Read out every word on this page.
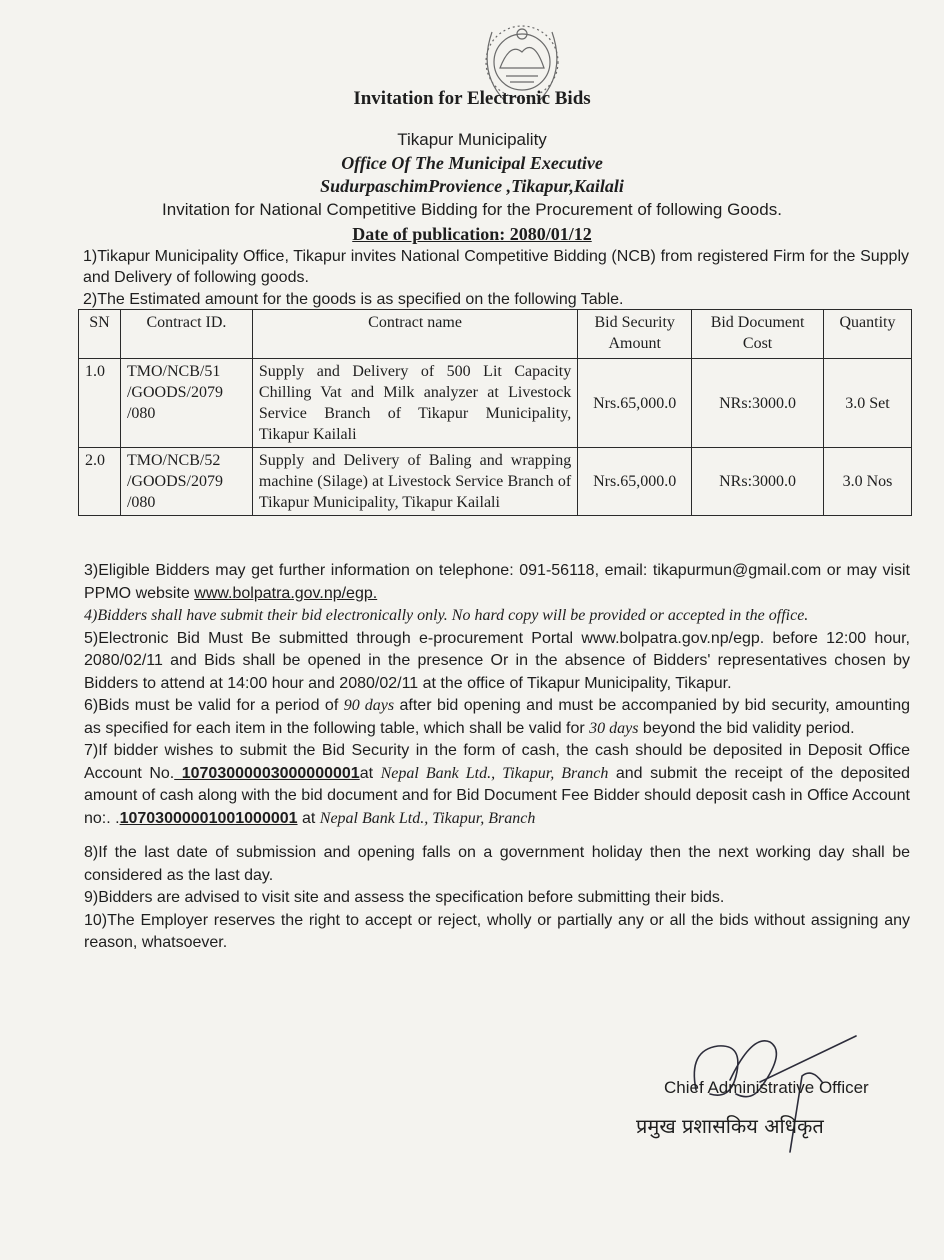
Invitation for Electronic Bids
Tikapur Municipality
Office Of The Municipal Executive
SudurpaschimProvience ,Tikapur,Kailali
Invitation for National Competitive Bidding for the Procurement of following Goods.
Date of publication: 2080/01/12
1)Tikapur Municipality Office, Tikapur invites National Competitive Bidding (NCB) from registered Firm for the Supply and Delivery of following goods.
2)The Estimated amount for the goods is as specified on the following Table.
SN	Contract ID.	Contract name	Bid Security Amount	Bid Document Cost	Quantity
1.0	TMO/NCB/51 /GOODS/2079 /080	Supply and Delivery of 500 Lit Capacity Chilling Vat and Milk analyzer at Livestock Service Branch of Tikapur Municipality, Tikapur Kailali	Nrs.65,000.0	NRs:3000.0	3.0 Set
2.0	TMO/NCB/52 /GOODS/2079 /080	Supply and Delivery of Baling and wrapping machine (Silage) at Livestock Service Branch of Tikapur Municipality, Tikapur Kailali	Nrs.65,000.0	NRs:3000.0	3.0 Nos

3)Eligible Bidders may get further information on telephone: 091-56118, email: tikapurmun@gmail.com or may visit PPMO website www.bolpatra.gov.np/egp.

4)Bidders shall have submit their bid electronically only. No hard copy will be provided or accepted in the office.

5)Electronic Bid Must Be submitted through e-procurement Portal www.bolpatra.gov.np/egp. before 12:00 hour, 2080/02/11 and Bids shall be opened in the presence Or in the absence of Bidders' representatives chosen by Bidders to attend at 14:00 hour and 2080/02/11 at the office of Tikapur Municipality, Tikapur.

6)Bids must be valid for a period of 90 days after bid opening and must be accompanied by bid security, amounting as specified for each item in the following table, which shall be valid for 30 days beyond the bid validity period.

7)If bidder wishes to submit the Bid Security in the form of cash, the cash should be deposited in Deposit Office Account No. 10703000003000000001at Nepal Bank Ltd., Tikapur, Branch and submit the receipt of the deposited amount of cash along with the bid document and for Bid Document Fee Bidder should deposit cash in Office Account no:. .10703000001001000001 at Nepal Bank Ltd., Tikapur, Branch

8)If the last date of submission and opening falls on a government holiday then the next working day shall be considered as the last day.

9)Bidders are advised to visit site and assess the specification before submitting their bids.

10)The Employer reserves the right to accept or reject, wholly or partially any or all the bids without assigning any reason, whatsoever.

Chief Administrative Officer
प्रमुख प्रशासकिय अधिकृत
